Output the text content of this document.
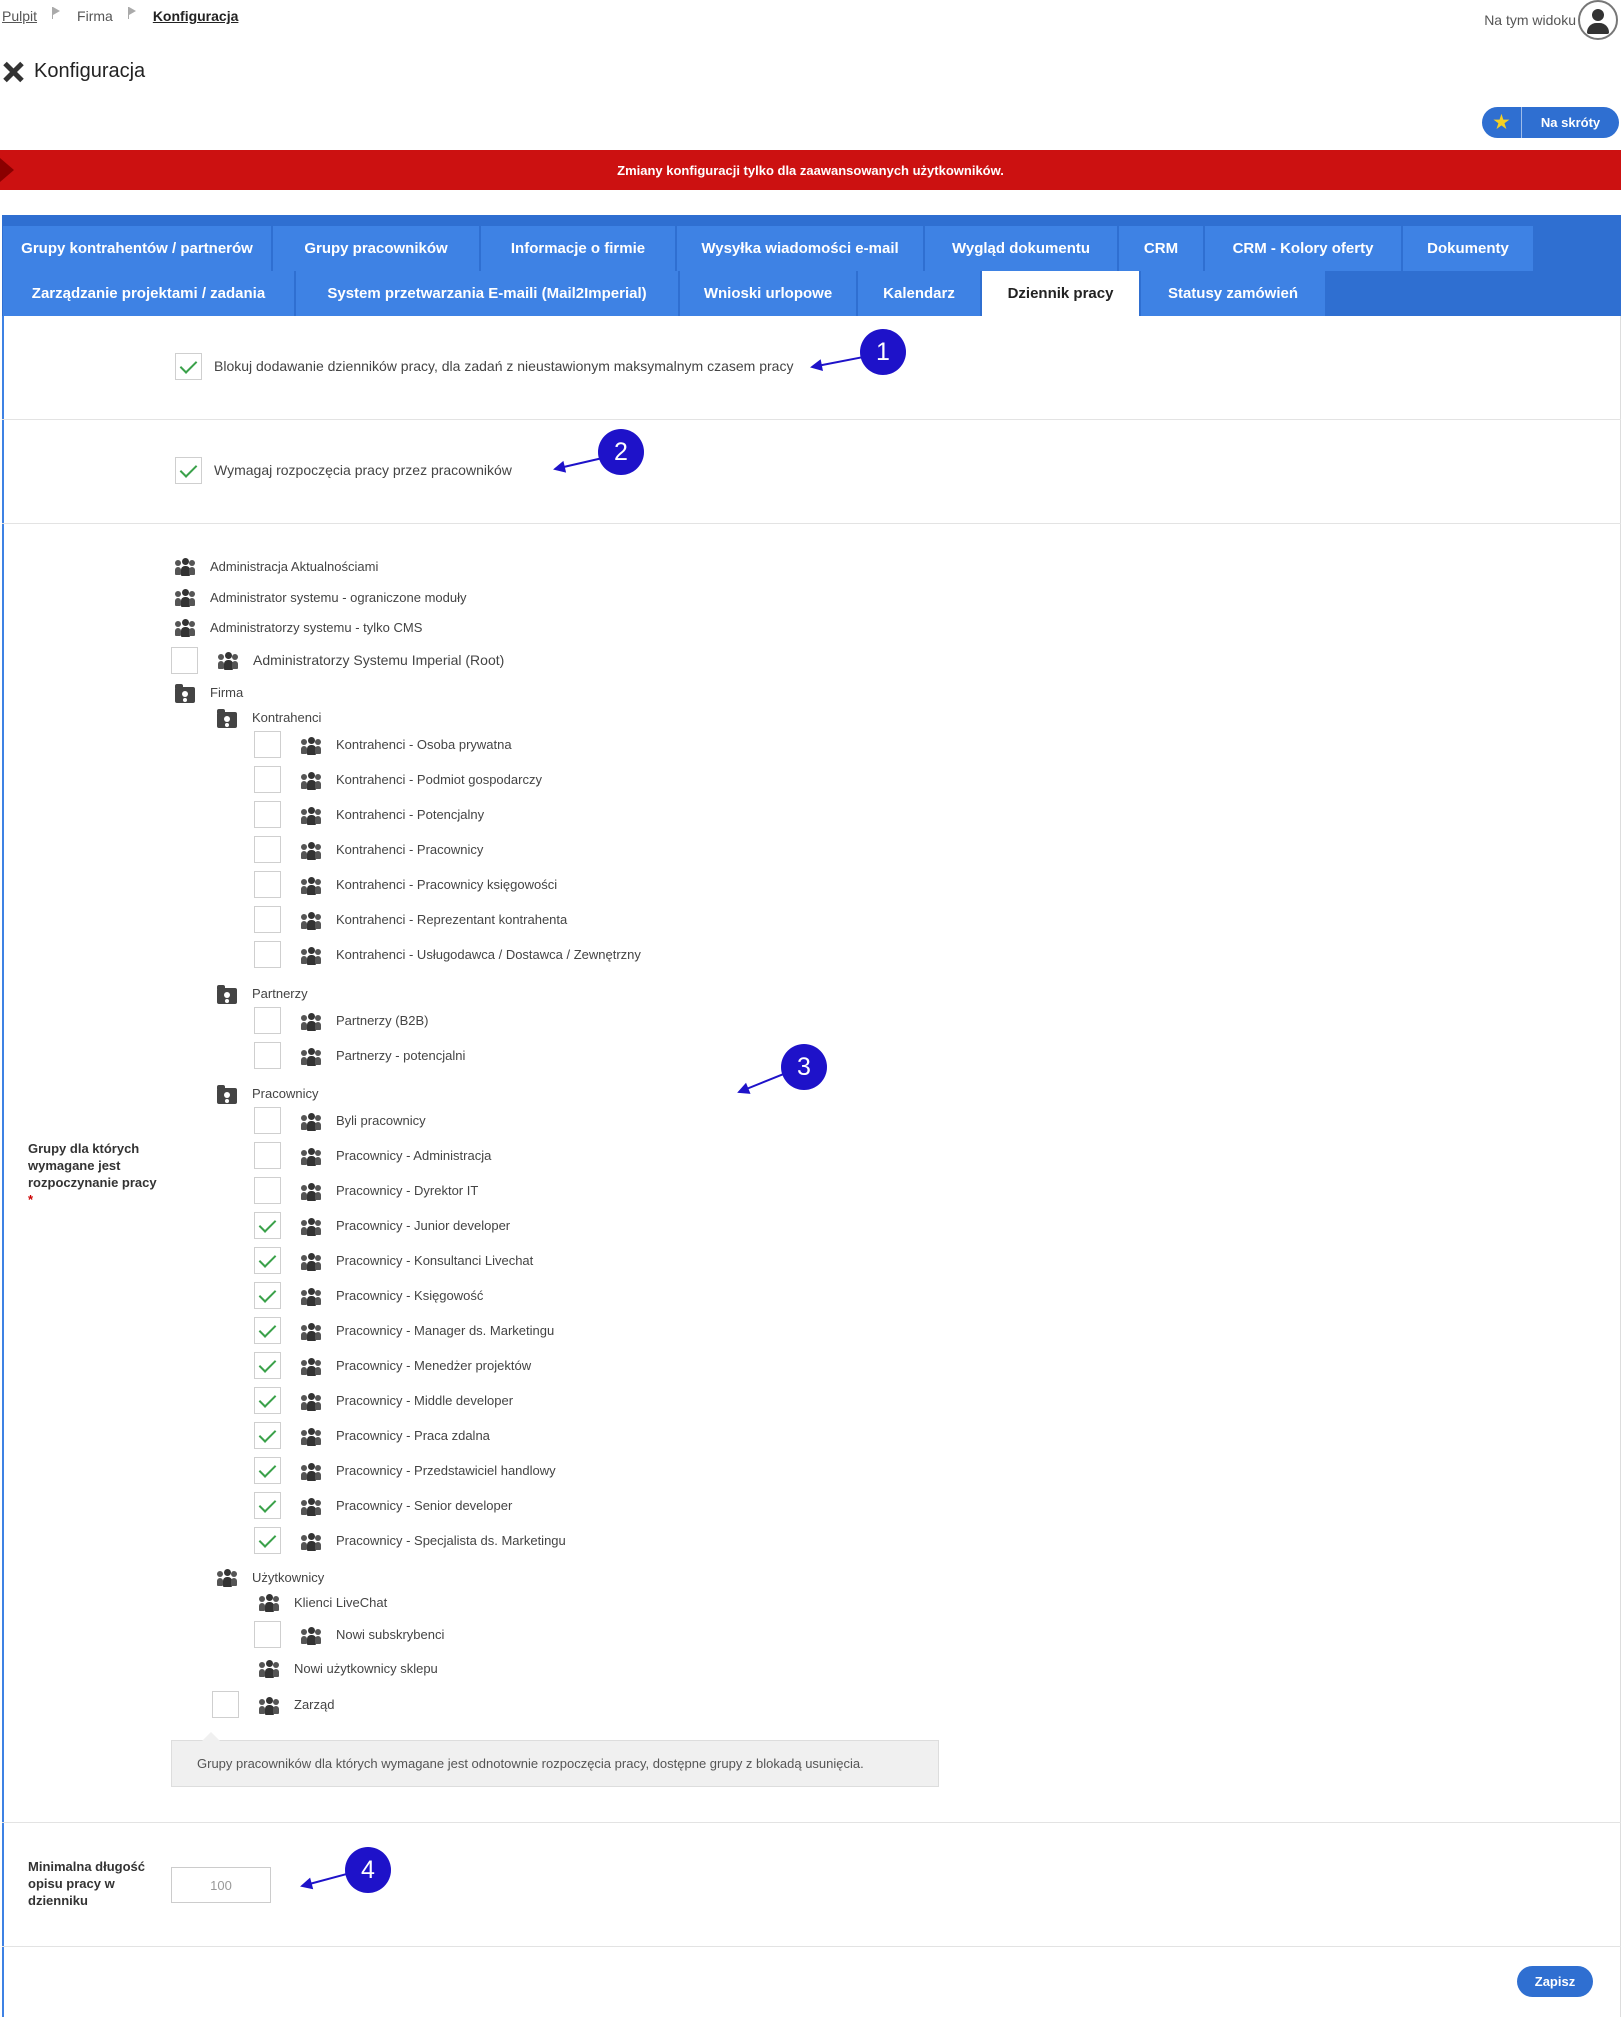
Pulpit	Firma	Konfiguracja	Na tym widoku
Konfiguracja
★	Na skróty
Zmiany konfiguracji tylko dla zaawansowanych użytkowników.
Grupy kontrahentów / partnerów	Grupy pracowników	Informacje o firmie	Wysyłka wiadomości e-mail	Wygląd dokumentu	CRM	CRM - Kolory oferty	Dokumenty
Zarządzanie projektami / zadania	System przetwarzania E-maili (Mail2Imperial)	Wnioski urlopowe	Kalendarz	Dziennik pracy	Statusy zamówień
Blokuj dodawanie dzienników pracy, dla zadań z nieustawionym maksymalnym czasem pracy
Wymagaj rozpoczęcia pracy przez pracowników
Grupy dla których wymagane jest rozpoczynanie pracy *
Administracja Aktualnościami
Administrator systemu - ograniczone moduły
Administratorzy systemu - tylko CMS
Administratorzy Systemu Imperial (Root)
Firma
Kontrahenci
Kontrahenci - Osoba prywatna
Kontrahenci - Podmiot gospodarczy
Kontrahenci - Potencjalny
Kontrahenci - Pracownicy
Kontrahenci - Pracownicy księgowości
Kontrahenci - Reprezentant kontrahenta
Kontrahenci - Usługodawca / Dostawca / Zewnętrzny
Partnerzy
Partnerzy (B2B)
Partnerzy - potencjalni
Pracownicy
Byli pracownicy
Pracownicy - Administracja
Pracownicy - Dyrektor IT
Pracownicy - Junior developer
Pracownicy - Konsultanci Livechat
Pracownicy - Księgowość
Pracownicy - Manager ds. Marketingu
Pracownicy - Menedżer projektów
Pracownicy - Middle developer
Pracownicy - Praca zdalna
Pracownicy - Przedstawiciel handlowy
Pracownicy - Senior developer
Pracownicy - Specjalista ds. Marketingu
Użytkownicy
Klienci LiveChat
Nowi subskrybenci
Nowi użytkownicy sklepu
Zarząd
Grupy pracowników dla których wymagane jest odnotownie rozpoczęcia pracy, dostępne grupy z blokadą usunięcia.
Minimalna długość opisu pracy w dzienniku
100
Zapisz
1
2
3
4
